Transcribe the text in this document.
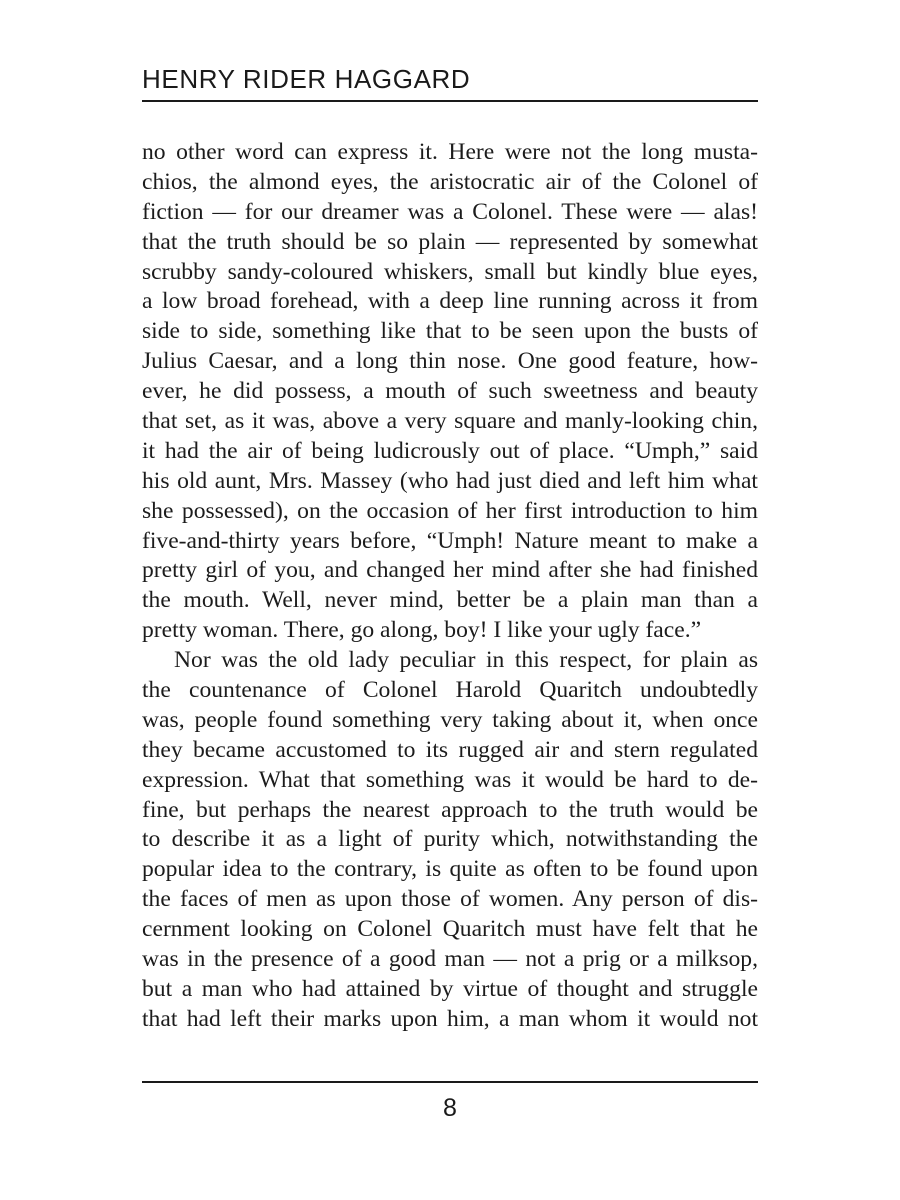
HENRY RIDER HAGGARD
no other word can express it. Here were not the long musta-
chios, the almond eyes, the aristocratic air of the Colonel of
fiction — for our dreamer was a Colonel. These were — alas!
that the truth should be so plain — represented by somewhat
scrubby sandy-coloured whiskers, small but kindly blue eyes,
a low broad forehead, with a deep line running across it from
side to side, something like that to be seen upon the busts of
Julius Caesar, and a long thin nose. One good feature, how-
ever, he did possess, a mouth of such sweetness and beauty
that set, as it was, above a very square and manly-looking chin,
it had the air of being ludicrously out of place. “Umph,” said
his old aunt, Mrs. Massey (who had just died and left him what
she possessed), on the occasion of her first introduction to him
five-and-thirty years before, “Umph! Nature meant to make a
pretty girl of you, and changed her mind after she had finished
the mouth. Well, never mind, better be a plain man than a
pretty woman. There, go along, boy! I like your ugly face.”
Nor was the old lady peculiar in this respect, for plain as
the countenance of Colonel Harold Quaritch undoubtedly
was, people found something very taking about it, when once
they became accustomed to its rugged air and stern regulated
expression. What that something was it would be hard to de-
fine, but perhaps the nearest approach to the truth would be
to describe it as a light of purity which, notwithstanding the
popular idea to the contrary, is quite as often to be found upon
the faces of men as upon those of women. Any person of dis-
cernment looking on Colonel Quaritch must have felt that he
was in the presence of a good man — not a prig or a milksop,
but a man who had attained by virtue of thought and struggle
that had left their marks upon him, a man whom it would not
8
